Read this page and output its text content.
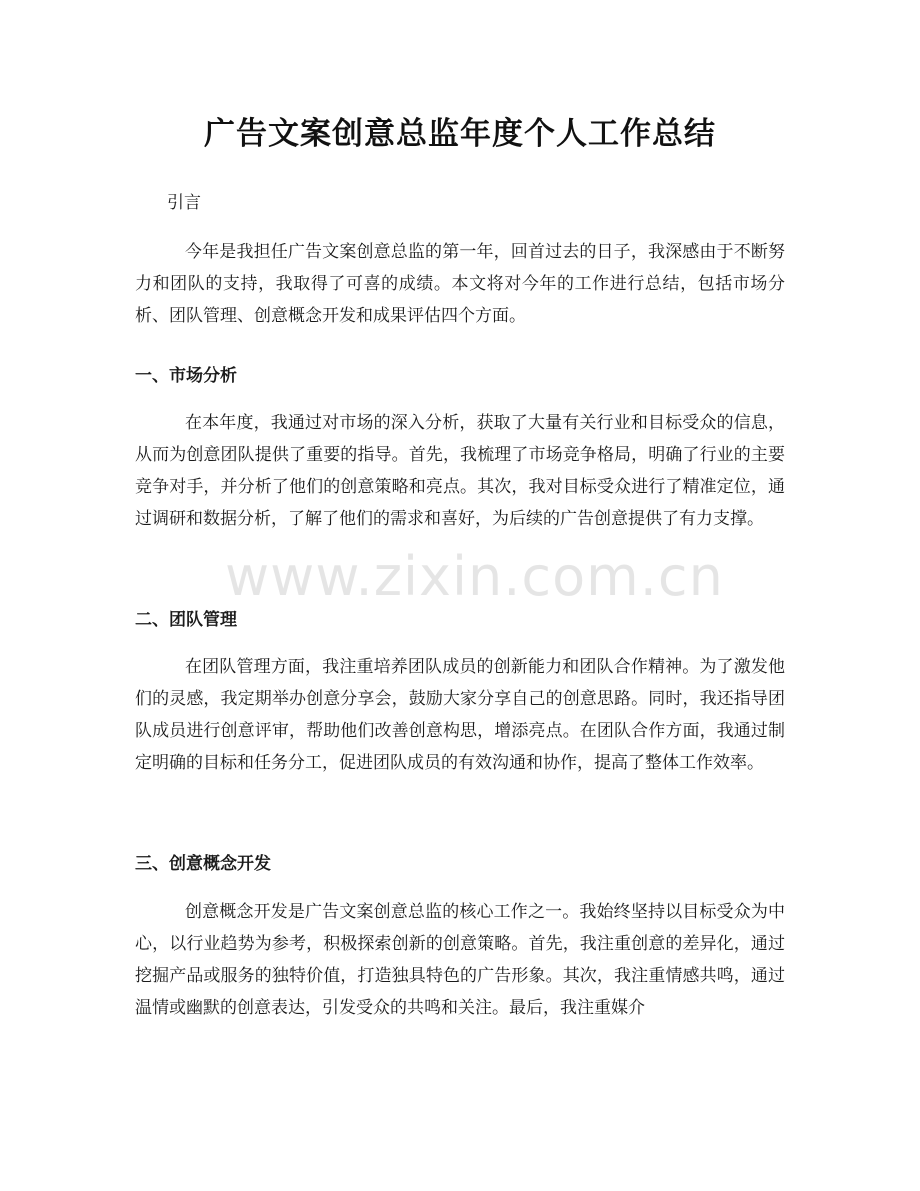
广告文案创意总监年度个人工作总结

引言

今年是我担任广告文案创意总监的第一年，回首过去的日子，我深感由于不断努力和团队的支持，我取得了可喜的成绩。本文将对今年的工作进行总结，包括市场分析、团队管理、创意概念开发和成果评估四个方面。

一、市场分析

在本年度，我通过对市场的深入分析，获取了大量有关行业和目标受众的信息，从而为创意团队提供了重要的指导。首先，我梳理了市场竞争格局，明确了行业的主要竞争对手，并分析了他们的创意策略和亮点。其次，我对目标受众进行了精准定位，通过调研和数据分析，了解了他们的需求和喜好，为后续的广告创意提供了有力支撑。

二、团队管理

在团队管理方面，我注重培养团队成员的创新能力和团队合作精神。为了激发他们的灵感，我定期举办创意分享会，鼓励大家分享自己的创意思路。同时，我还指导团队成员进行创意评审，帮助他们改善创意构思，增添亮点。在团队合作方面，我通过制定明确的目标和任务分工，促进团队成员的有效沟通和协作，提高了整体工作效率。

三、创意概念开发

创意概念开发是广告文案创意总监的核心工作之一。我始终坚持以目标受众为中心，以行业趋势为参考，积极探索创新的创意策略。首先，我注重创意的差异化，通过挖掘产品或服务的独特价值，打造独具特色的广告形象。其次，我注重情感共鸣，通过温情或幽默的创意表达，引发受众的共鸣和关注。最后，我注重媒介

www.zixin.com.cn
